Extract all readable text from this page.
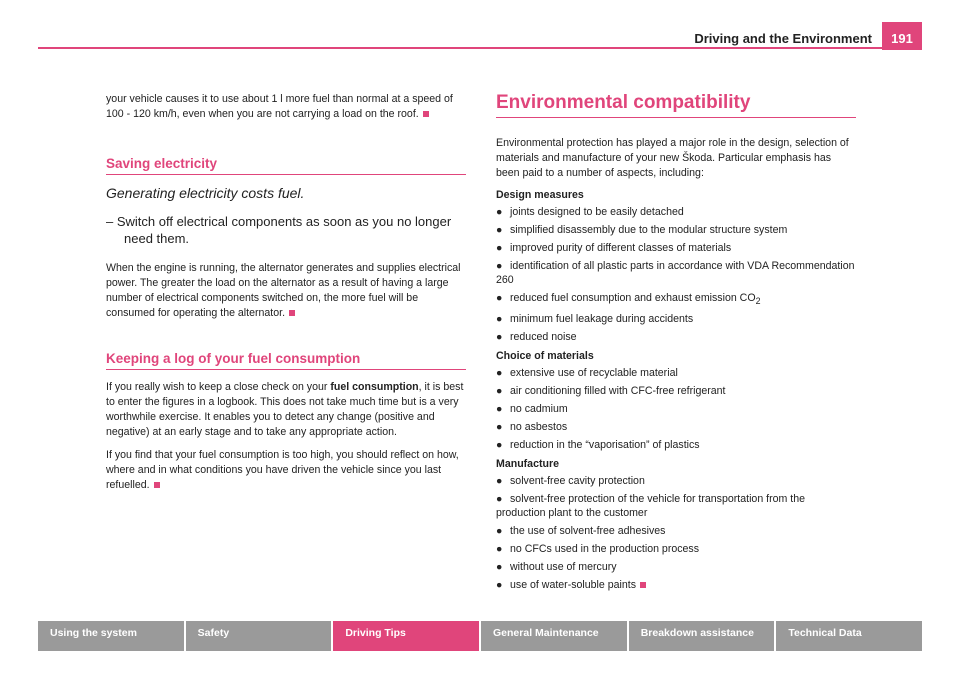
Driving and the Environment	191

your vehicle causes it to use about 1 l more fuel than normal at a speed of 100 - 120 km/h, even when you are not carrying a load on the roof.

Saving electricity
Generating electricity costs fuel.
– Switch off electrical components as soon as you no longer need them.

When the engine is running, the alternator generates and supplies electrical power. The greater the load on the alternator as a result of having a large number of electrical components switched on, the more fuel will be consumed for operating the alternator.

Keeping a log of your fuel consumption

If you really wish to keep a close check on your fuel consumption, it is best to enter the figures in a logbook. This does not take much time but is a very worthwhile exercise. It enables you to detect any change (positive and negative) at an early stage and to take any appropriate action.

If you find that your fuel consumption is too high, you should reflect on how, where and in what conditions you have driven the vehicle since you last refuelled.

Environmental compatibility

Environmental protection has played a major role in the design, selection of materials and manufacture of your new Škoda. Particular emphasis has been paid to a number of aspects, including:

Design measures
● joints designed to be easily detached
● simplified disassembly due to the modular structure system
● improved purity of different classes of materials
● identification of all plastic parts in accordance with VDA Recommendation 260
● reduced fuel consumption and exhaust emission $CO_2$
● minimum fuel leakage during accidents
● reduced noise
Choice of materials
● extensive use of recyclable material
● air conditioning filled with CFC-free refrigerant
● no cadmium
● no asbestos
● reduction in the “vaporisation” of plastics
Manufacture
● solvent-free cavity protection
● solvent-free protection of the vehicle for transportation from the production plant to the customer
● the use of solvent-free adhesives
● no CFCs used in the production process
● without use of mercury
● use of water-soluble paints
Using the system	Safety	Driving Tips	General Maintenance	Breakdown assistance	Technical Data
